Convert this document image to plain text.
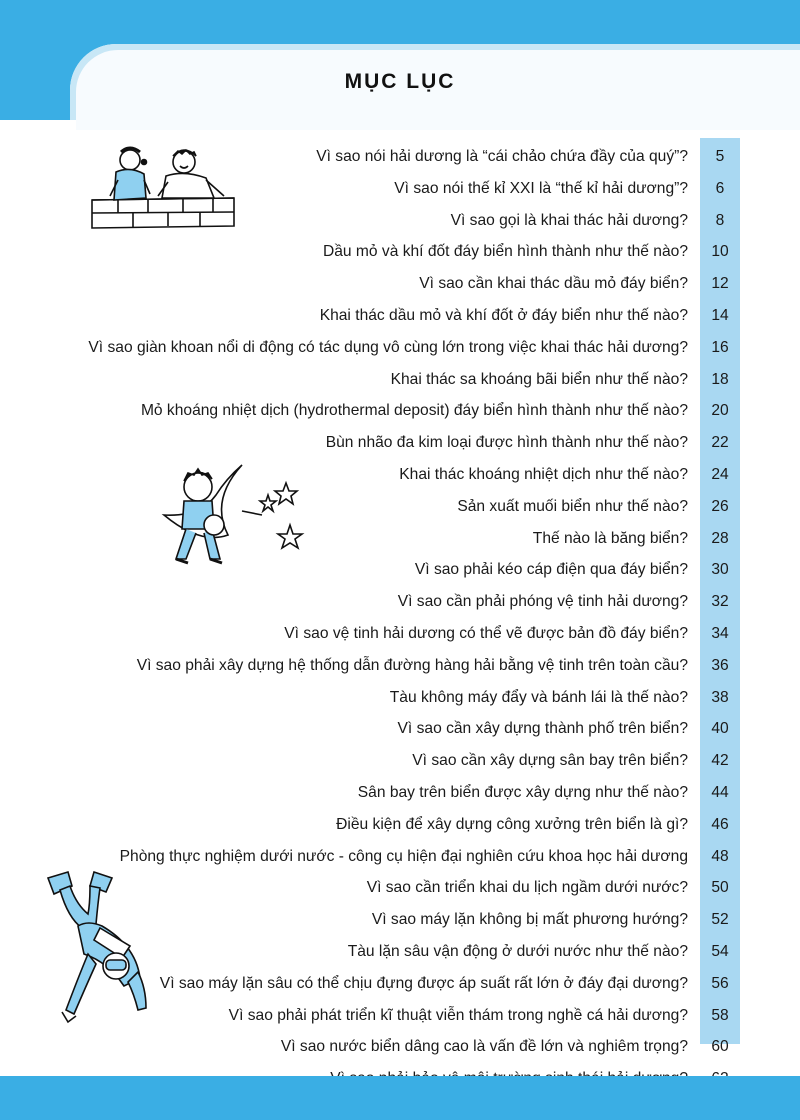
MỤC LỤC
Vì sao nói hải dương là “cái chảo chứa đầy của quý”?	5
Vì sao nói thế kỉ XXI là “thế kỉ hải dương”?	6
Vì sao gọi là khai thác hải dương?	8
Dầu mỏ và khí đốt đáy biển hình thành như thế nào?	10
Vì sao cần khai thác dầu mỏ đáy biển?	12
Khai thác dầu mỏ và khí đốt ở đáy biển như thế nào?	14
Vì sao giàn khoan nổi di động có tác dụng vô cùng lớn trong việc khai thác hải dương?	16
Khai thác sa khoáng bãi biển như thế nào?	18
Mỏ khoáng nhiệt dịch (hydrothermal deposit) đáy biển hình thành như thế nào?	20
Bùn nhão đa kim loại được hình thành như thế nào?	22
Khai thác khoáng nhiệt dịch như thế nào?	24
Sản xuất muối biển như thế nào?	26
Thế nào là băng biển?	28
Vì sao phải kéo cáp điện qua đáy biển?	30
Vì sao cần phải phóng vệ tinh hải dương?	32
Vì sao vệ tinh hải dương có thể vẽ được bản đồ đáy biển?	34
Vì sao phải xây dựng hệ thống dẫn đường hàng hải bằng vệ tinh trên toàn cầu?	36
Tàu không máy đẩy và bánh lái là thế nào?	38
Vì sao cần xây dựng thành phố trên biển?	40
Vì sao cần xây dựng sân bay trên biển?	42
Sân bay trên biển được xây dựng như thế nào?	44
Điều kiện để xây dựng công xưởng trên biển là gì?	46
Phòng thực nghiệm dưới nước - công cụ hiện đại nghiên cứu khoa học hải dương	48
Vì sao cần triển khai du lịch ngầm dưới nước?	50
Vì sao máy lặn không bị mất phương hướng?	52
Tàu lặn sâu vận động ở dưới nước như thế nào?	54
Vì sao máy lặn sâu có thể chịu đựng được áp suất rất lớn ở đáy đại dương?	56
Vì sao phải phát triển kĩ thuật viễn thám trong nghề cá hải dương?	58
Vì sao nước biển dâng cao là vấn đề lớn và nghiêm trọng?	60
